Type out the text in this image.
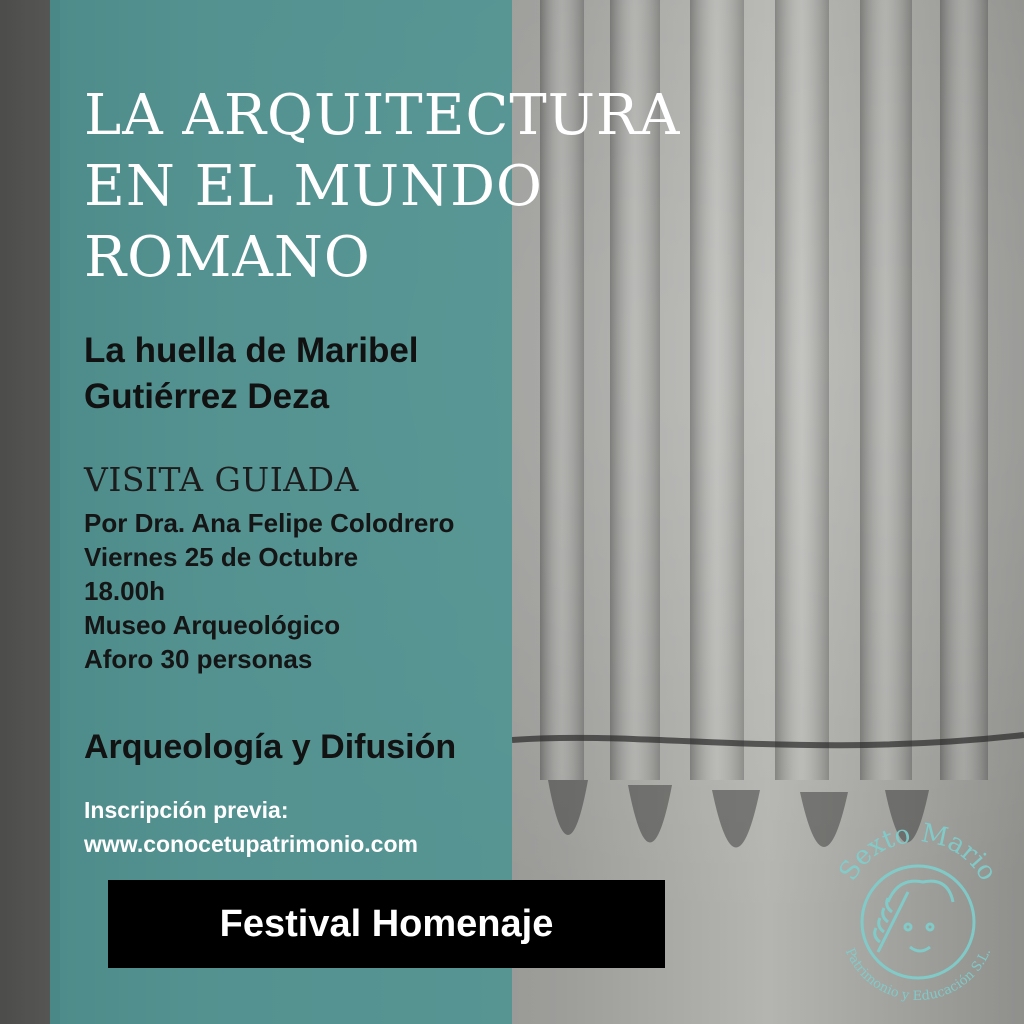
LA ARQUITECTURA
EN EL MUNDO
ROMANO
La huella de Maribel
Gutiérrez Deza
VISITA GUIADA
Por Dra. Ana Felipe Colodrero
Viernes 25 de Octubre
18.00h
Museo Arqueológico
Aforo 30 personas
Arqueología y Difusión
Inscripción previa:
www.conocetupatrimonio.com
Festival Homenaje
Sexto Mario
Patrimonio y Educación S.L.
